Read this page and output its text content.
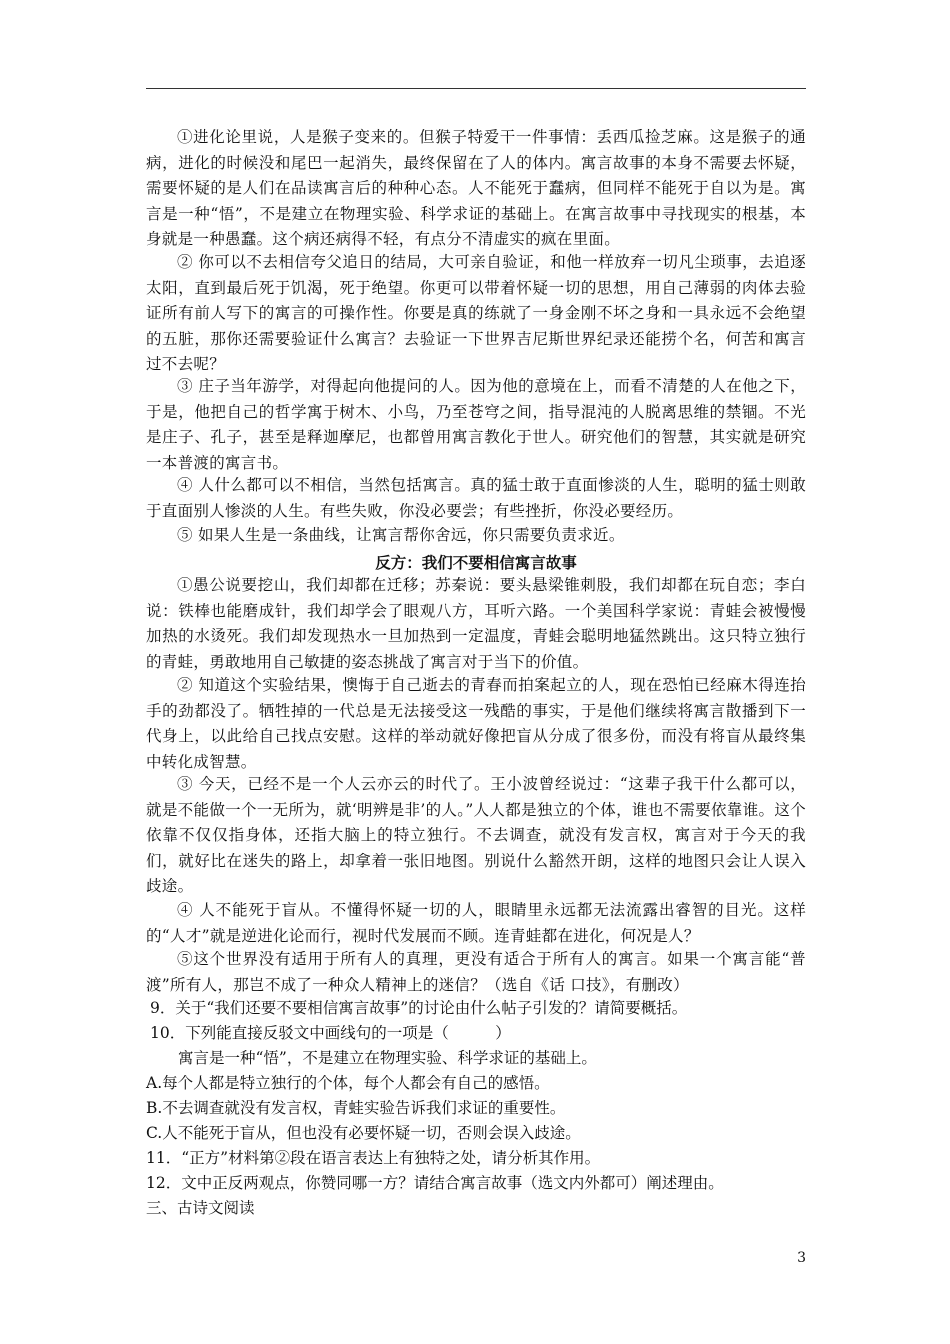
①进化论里说，人是猴子变来的。但猴子特爱干一件事情：丢西瓜捡芝麻。这是猴子的通病，进化的时候没和尾巴一起消失，最终保留在了人的体内。寓言故事的本身不需要去怀疑，需要怀疑的是人们在品读寓言后的种种心态。人不能死于蠢病，但同样不能死于自以为是。寓言是一种“悟”，不是建立在物理实验、科学求证的基础上。在寓言故事中寻找现实的根基，本身就是一种愚蠢。这个病还病得不轻，有点分不清虚实的疯在里面。

② 你可以不去相信夸父追日的结局，大可亲自验证，和他一样放弃一切凡尘琐事，去追逐太阳，直到最后死于饥渴，死于绝望。你更可以带着怀疑一切的思想，用自己薄弱的肉体去验证所有前人写下的寓言的可操作性。你要是真的练就了一身金刚不坏之身和一具永远不会绝望的五脏，那你还需要验证什么寓言？去验证一下世界吉尼斯世界纪录还能捞个名，何苦和寓言过不去呢？

③ 庄子当年游学，对得起向他提问的人。因为他的意境在上，而看不清楚的人在他之下，于是，他把自己的哲学寓于树木、小鸟，乃至苍穹之间，指导混沌的人脱离思维的禁锢。不光是庄子、孔子，甚至是释迦摩尼，也都曾用寓言教化于世人。研究他们的智慧，其实就是研究一本普渡的寓言书。

④ 人什么都可以不相信，当然包括寓言。真的猛士敢于直面惨淡的人生，聪明的猛士则敢于直面别人惨淡的人生。有些失败，你没必要尝；有些挫折，你没必要经历。

⑤ 如果人生是一条曲线，让寓言帮你舍远，你只需要负责求近。

反方：我们不要相信寓言故事

①愚公说要挖山，我们却都在迁移；苏秦说：要头悬梁锥刺股，我们却都在玩自恋；李白说：铁棒也能磨成针，我们却学会了眼观八方，耳听六路。一个美国科学家说：青蛙会被慢慢加热的水烫死。我们却发现热水一旦加热到一定温度，青蛙会聪明地猛然跳出。这只特立独行的青蛙，勇敢地用自己敏捷的姿态挑战了寓言对于当下的价值。

② 知道这个实验结果，懊悔于自己逝去的青春而拍案起立的人，现在恐怕已经麻木得连抬手的劲都没了。牺牲掉的一代总是无法接受这一残酷的事实，于是他们继续将寓言散播到下一代身上，以此给自己找点安慰。这样的举动就好像把盲从分成了很多份，而没有将盲从最终集中转化成智慧。

③ 今天，已经不是一个人云亦云的时代了。王小波曾经说过：“这辈子我干什么都可以，就是不能做一个一无所为，就‘明辨是非’的人。”人人都是独立的个体，谁也不需要依靠谁。这个依靠不仅仅指身体，还指大脑上的特立独行。不去调查，就没有发言权，寓言对于今天的我们，就好比在迷失的路上，却拿着一张旧地图。别说什么豁然开朗，这样的地图只会让人误入歧途。

④ 人不能死于盲从。不懂得怀疑一切的人，眼睛里永远都无法流露出睿智的目光。这样的“人才”就是逆进化论而行，视时代发展而不顾。连青蛙都在进化，何况是人？

⑤这个世界没有适用于所有人的真理，更没有适合于所有人的寓言。如果一个寓言能“普渡”所有人，那岂不成了一种众人精神上的迷信？（选自《话 口技》，有删改）

9．关于“我们还要不要相信寓言故事”的讨论由什么帖子引发的？请简要概括。

10．下列能直接反驳文中画线句的一项是（　　　）

寓言是一种“悟”，不是建立在物理实验、科学求证的基础上。

A.每个人都是特立独行的个体，每个人都会有自己的感悟。

B.不去调查就没有发言权，青蛙实验告诉我们求证的重要性。

C.人不能死于盲从，但也没有必要怀疑一切，否则会误入歧途。

11．“正方”材料第②段在语言表达上有独特之处，请分析其作用。

12．文中正反两观点，你赞同哪一方？请结合寓言故事（选文内外都可）阐述理由。

三、古诗文阅读

3
